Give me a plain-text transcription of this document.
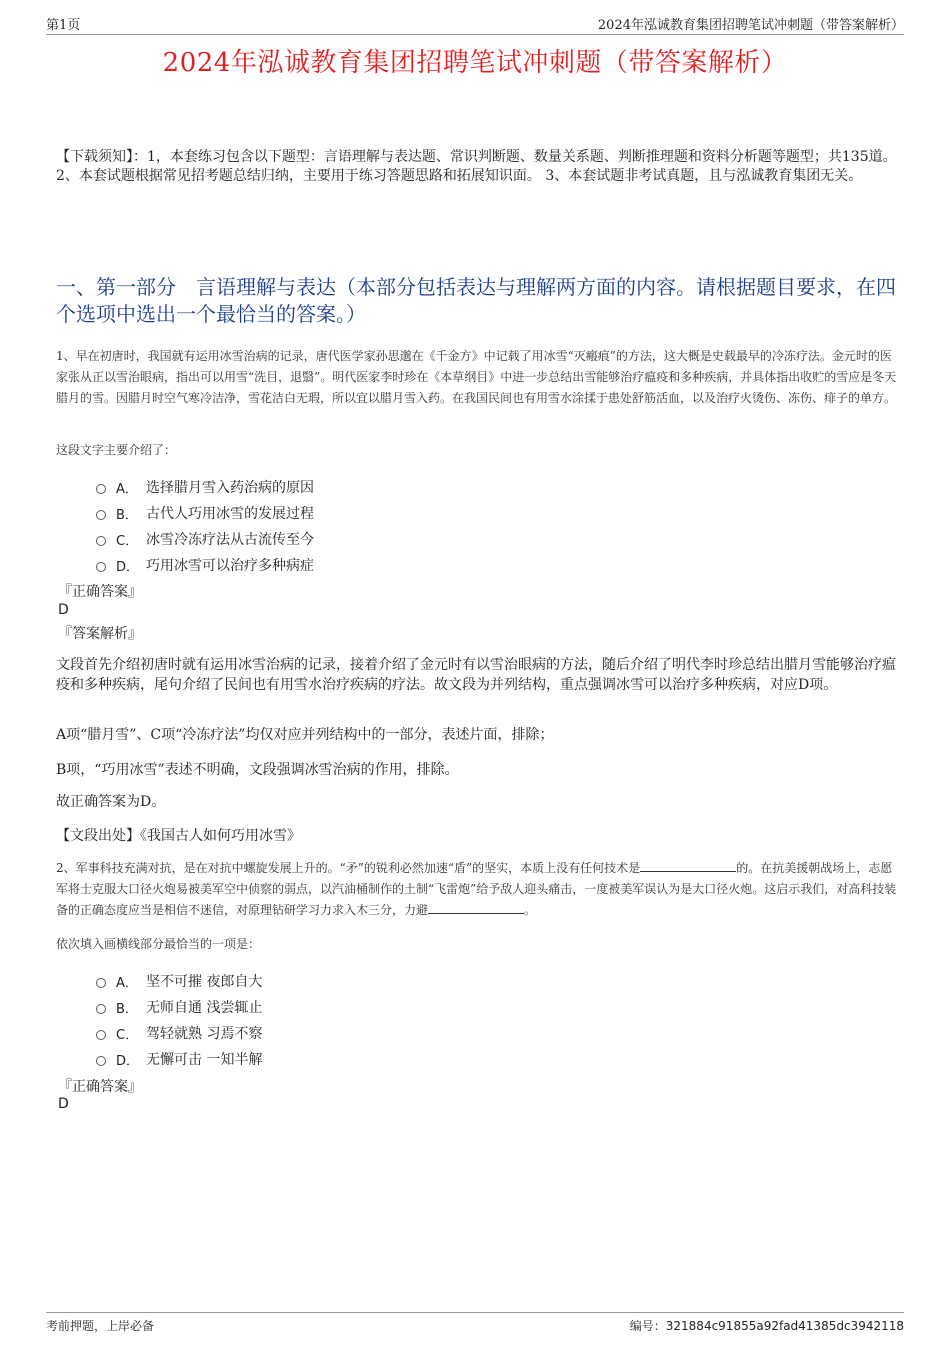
第1页	2024年泓诚教育集团招聘笔试冲刺题（带答案解析）
2024年泓诚教育集团招聘笔试冲刺题（带答案解析）
【下载须知】：1，本套练习包含以下题型：言语理解与表达题、常识判断题、数量关系题、判断推理题和资料分析题等题型；共135道。 2、本套试题根据常见招考题总结归纳，主要用于练习答题思路和拓展知识面。 3、本套试题非考试真题，且与泓诚教育集团无关。
一、第一部分　言语理解与表达（本部分包括表达与理解两方面的内容。请根据题目要求，在四个选项中选出一个最恰当的答案。）
1、早在初唐时，我国就有运用冰雪治病的记录，唐代医学家孙思邈在《千金方》中记载了用冰雪“灭瘢痕”的方法，这大概是史载最早的冷冻疗法。金元时的医家张从正以雪治眼病，指出可以用雪“洗目，退翳”。明代医家李时珍在《本草纲目》中进一步总结出雪能够治疗瘟疫和多种疾病，并具体指出收贮的雪应是冬天腊月的雪。因腊月时空气寒冷洁净，雪花洁白无瑕，所以宜以腊月雪入药。在我国民间也有用雪水涂揉于患处舒筋活血，以及治疗火烫伤、冻伤、痱子的单方。
这段文字主要介绍了：
A． 选择腊月雪入药治病的原因
B． 古代人巧用冰雪的发展过程
C． 冰雪冷冻疗法从古流传至今
D． 巧用冰雪可以治疗多种病症
『正确答案』
D
『答案解析』
文段首先介绍初唐时就有运用冰雪治病的记录，接着介绍了金元时有以雪治眼病的方法，随后介绍了明代李时珍总结出腊月雪能够治疗瘟疫和多种疾病，尾句介绍了民间也有用雪水治疗疾病的疗法。故文段为并列结构，重点强调冰雪可以治疗多种疾病，对应D项。
A项“腊月雪”、C项“冷冻疗法”均仅对应并列结构中的一部分，表述片面，排除；
B项，“巧用冰雪”表述不明确，文段强调冰雪治病的作用，排除。
故正确答案为D。
【文段出处】《我国古人如何巧用冰雪》
2、军事科技充满对抗，是在对抗中螺旋发展上升的。“矛”的锐利必然加速“盾”的坚实，本质上没有任何技术是	的。在抗美援朝战场上，志愿军将士克服大口径火炮易被美军空中侦察的弱点，以汽油桶制作的土制“飞雷炮”给予敌人迎头痛击，一度被美军误认为是大口径火炮。这启示我们，对高科技装备的正确态度应当是相信不迷信，对原理钻研学习力求入木三分，力避	。
依次填入画横线部分最恰当的一项是：
A． 坚不可摧 夜郎自大
B． 无师自通 浅尝辄止
C． 驾轻就熟 习焉不察
D． 无懈可击 一知半解
『正确答案』
D
考前押题，上岸必备	编号：321884c91855a92fad41385dc3942118
